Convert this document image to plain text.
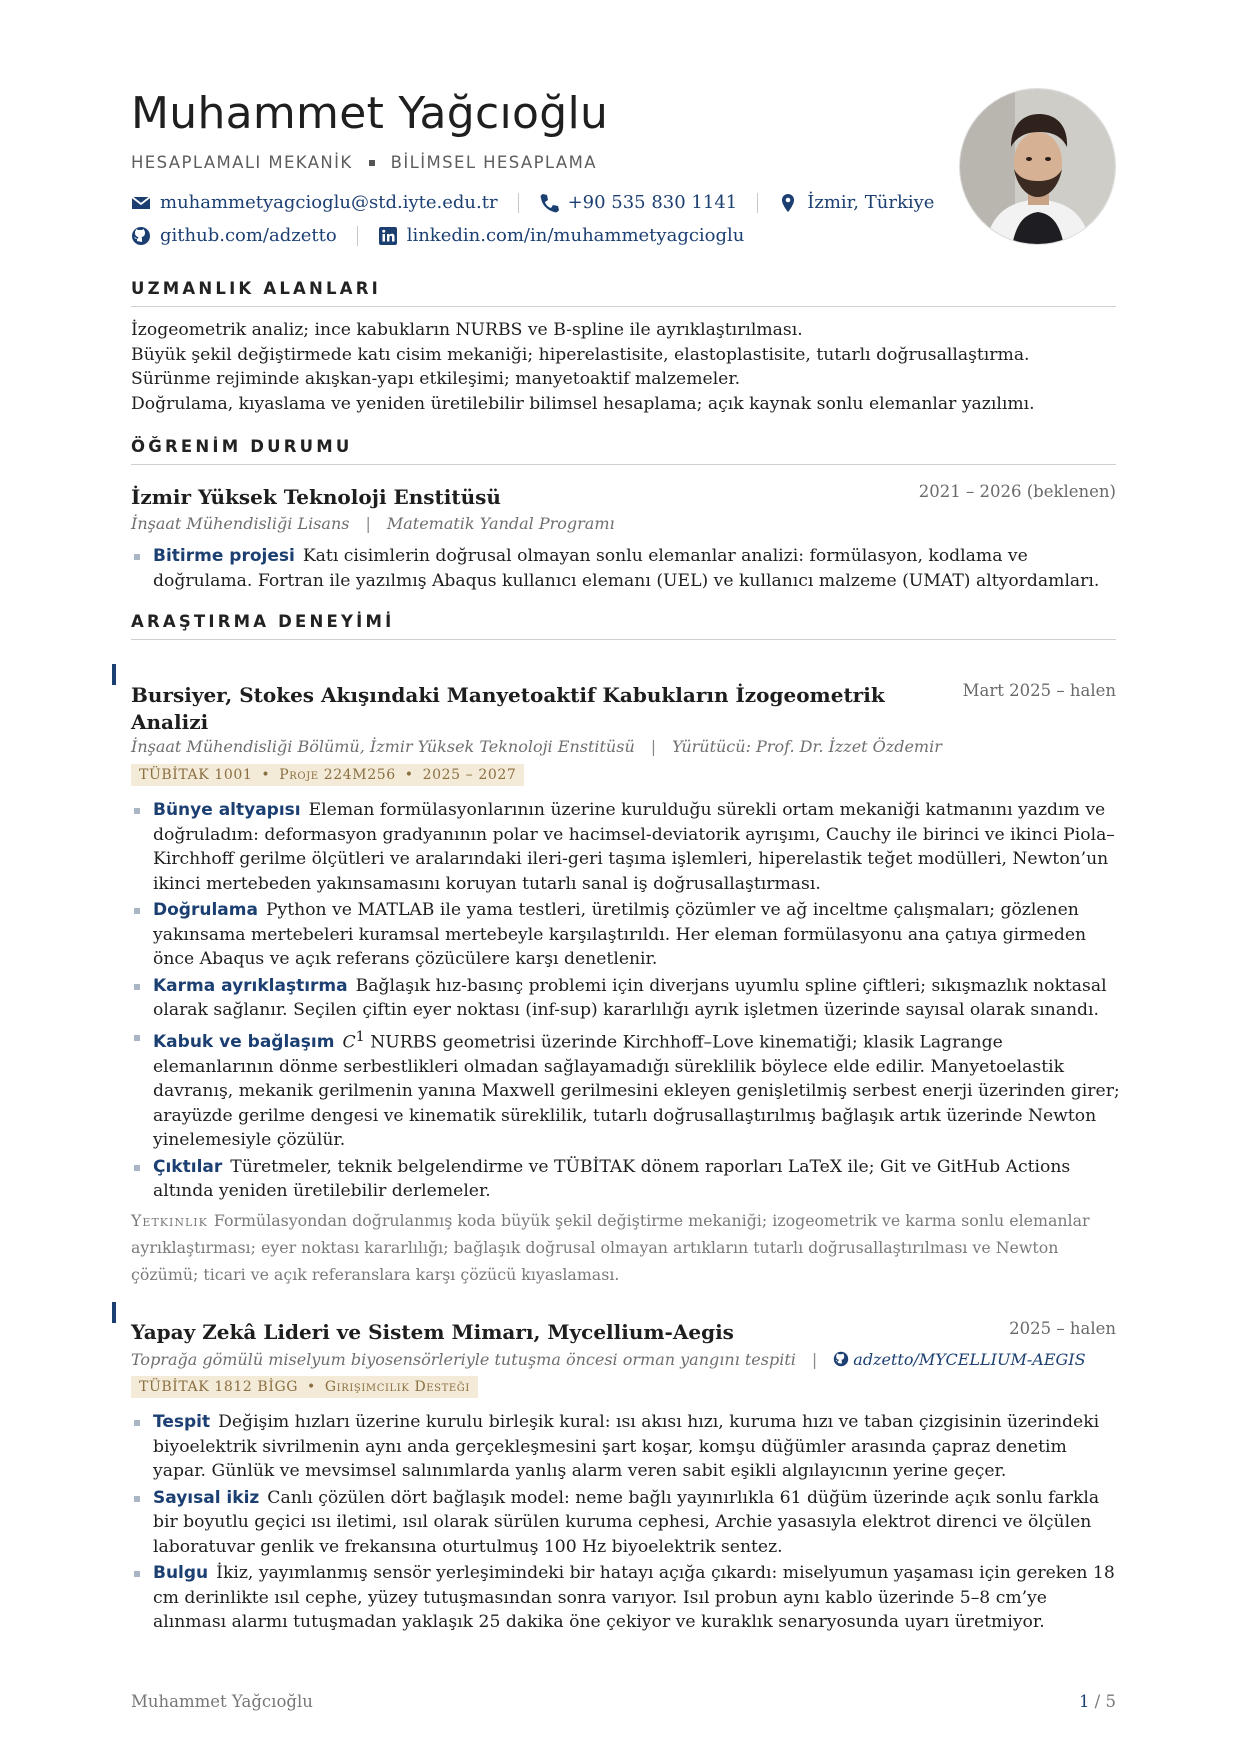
Muhammet Yağcıoğlu
HESAPLAMALI MEKANİK BİLİMSEL HESAPLAMA
muhammetyagcioglu@std.iyte.edu.tr	+90 535 830 1141	İzmir, Türkiye
github.com/adzetto	linkedin.com/in/muhammetyagcioglu
UZMANLIK ALANLARI
İzogeometrik analiz; ince kabukların NURBS ve B-spline ile ayrıklaştırılması.
Büyük şekil değiştirmede katı cisim mekaniği; hiperelastisite, elastoplastisite, tutarlı doğrusallaştırma.
Sürünme rejiminde akışkan-yapı etkileşimi; manyetoaktif malzemeler.
Doğrulama, kıyaslama ve yeniden üretilebilir bilimsel hesaplama; açık kaynak sonlu elemanlar yazılımı.
ÖĞRENİM DURUMU
İzmir Yüksek Teknoloji Enstitüsü	2021 – 2026 (beklenen)
İnşaat Mühendisliği Lisans | Matematik Yandal Programı
Bitirme projesi Katı cisimlerin doğrusal olmayan sonlu elemanlar analizi: formülasyon, kodlama ve doğrulama. Fortran ile yazılmış Abaqus kullanıcı elemanı (UEL) ve kullanıcı malzeme (UMAT) altyordamları.
ARAŞTIRMA DENEYİMİ
Bursiyer, Stokes Akışındaki Manyetoaktif Kabukların İzogeometrik Analizi
Mart 2025 – halen
İnşaat Mühendisliği Bölümü, İzmir Yüksek Teknoloji Enstitüsü | Yürütücü: Prof. Dr. İzzet Özdemir
TÜBİTAK 1001 • Proje 224M256 • 2025 – 2027
Bünye altyapısı Eleman formülasyonlarının üzerine kurulduğu sürekli ortam mekaniği katmanını yazdım ve doğruladım: deformasyon gradyanının polar ve hacimsel-deviatorik ayrışımı, Cauchy ile birinci ve ikinci Piola–Kirchhoff gerilme ölçütleri ve aralarındaki ileri-geri taşıma işlemleri, hiperelastik teğet modülleri, Newton’un ikinci mertebeden yakınsamasını koruyan tutarlı sanal iş doğrusallaştırması.
Doğrulama Python ve MATLAB ile yama testleri, üretilmiş çözümler ve ağ inceltme çalışmaları; gözlenen yakınsama mertebeleri kuramsal mertebeyle karşılaştırıldı. Her eleman formülasyonu ana çatıya girmeden önce Abaqus ve açık referans çözücülere karşı denetlenir.
Karma ayrıklaştırma Bağlaşık hız-basınç problemi için diverjans uyumlu spline çiftleri; sıkışmazlık noktasal olarak sağlanır. Seçilen çiftin eyer noktası (inf-sup) kararlılığı ayrık işletmen üzerinde sayısal olarak sınandı.
Kabuk ve bağlaşım $C^1$ NURBS geometrisi üzerinde Kirchhoff–Love kinematiği; klasik Lagrange elemanlarının dönme serbestlikleri olmadan sağlayamadığı süreklilik böylece elde edilir. Manyetoelastik davranış, mekanik gerilmenin yanına Maxwell gerilmesini ekleyen genişletilmiş serbest enerji üzerinden girer; arayüzde gerilme dengesi ve kinematik süreklilik, tutarlı doğrusallaştırılmış bağlaşık artık üzerinde Newton yinelemesiyle çözülür.
Çıktılar Türetmeler, teknik belgelendirme ve TÜBİTAK dönem raporları LaTeX ile; Git ve GitHub Actions altında yeniden üretilebilir derlemeler.
Yetkinlik Formülasyondan doğrulanmış koda büyük şekil değiştirme mekaniği; izogeometrik ve karma sonlu elemanlar ayrıklaştırması; eyer noktası kararlılığı; bağlaşık doğrusal olmayan artıkların tutarlı doğrusallaştırılması ve Newton çözümü; ticari ve açık referanslara karşı çözücü kıyaslaması.
Yapay Zekâ Lideri ve Sistem Mimarı, Mycellium-Aegis	2025 – halen
Toprağa gömülü miselyum biyosensörleriyle tutuşma öncesi orman yangını tespiti | adzetto/MYCELLIUM-AEGIS
TÜBİTAK 1812 BİGG • Girişimcilik Desteği
Tespit Değişim hızları üzerine kurulu birleşik kural: ısı akısı hızı, kuruma hızı ve taban çizgisinin üzerindeki biyoelektrik sivrilmenin aynı anda gerçekleşmesini şart koşar, komşu düğümler arasında çapraz denetim yapar. Günlük ve mevsimsel salınımlarda yanlış alarm veren sabit eşikli algılayıcının yerine geçer.
Sayısal ikiz Canlı çözülen dört bağlaşık model: neme bağlı yayınırlıkla 61 düğüm üzerinde açık sonlu farkla bir boyutlu geçici ısı iletimi, ısıl olarak sürülen kuruma cephesi, Archie yasasıyla elektrot direnci ve ölçülen laboratuvar genlik ve frekansına oturtulmuş 100 Hz biyoelektrik sentez.
Bulgu İkiz, yayımlanmış sensör yerleşimindeki bir hatayı açığa çıkardı: miselyumun yaşaması için gereken 18 cm derinlikte ısıl cephe, yüzey tutuşmasından sonra varıyor. Isıl probun aynı kablo üzerinde 5–8 cm’ye alınması alarmı tutuşmadan yaklaşık 25 dakika öne çekiyor ve kuraklık senaryosunda uyarı üretmiyor.
Muhammet Yağcıoğlu	1 / 5
